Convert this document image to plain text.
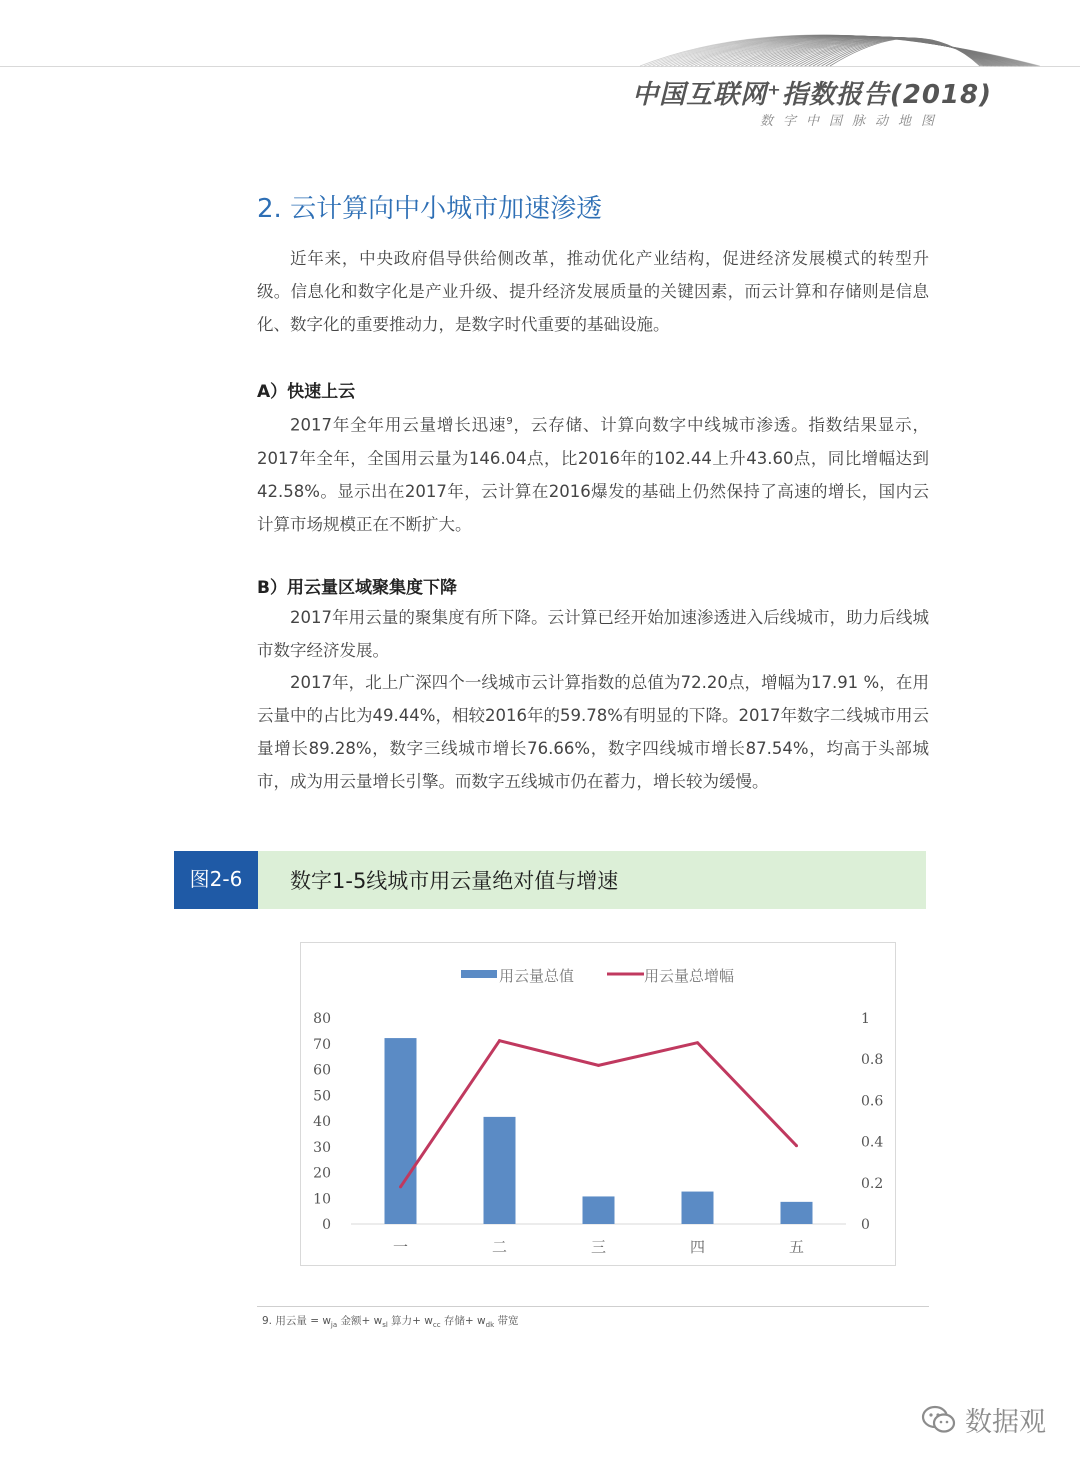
中国互联网⁺指数报告(2018)
数字中国脉动地图
2. 云计算向中小城市加速渗透
近年来，中央政府倡导供给侧改革，推动优化产业结构，促进经济发展模式的转型升级。信息化和数字化是产业升级、提升经济发展质量的关键因素，而云计算和存储则是信息化、数字化的重要推动力，是数字时代重要的基础设施。
A）快速上云
2017年全年用云量增长迅速$^9$，云存储、计算向数字中线城市渗透。指数结果显示，2017年全年，全国用云量为146.04点，比2016年的102.44上升43.60点，同比增幅达到42.58%。显示出在2017年，云计算在2016爆发的基础上仍然保持了高速的增长，国内云计算市场规模正在不断扩大。
B）用云量区域聚集度下降
2017年用云量的聚集度有所下降。云计算已经开始加速渗透进入后线城市，助力后线城市数字经济发展。
2017年，北上广深四个一线城市云计算指数的总值为72.20点，增幅为17.91 %，在用云量中的占比为49.44%，相较2016年的59.78%有明显的下降。2017年数字二线城市用云量增长89.28%，数字三线城市增长76.66%，数字四线城市增长87.54%，均高于头部城市，成为用云量增长引擎。而数字五线城市仍在蓄力，增长较为缓慢。
图2-6	数字1-5线城市用云量绝对值与增速
用云量总值	用云量总增幅
0
10
20
30
40
50
60
70
80
0
0.2
0.4
0.6
0.8
1
一	二	三	四	五
9. 用云量 = $w_{ja}$ 金额+ $w_{sl}$ 算力+ $w_{cc}$ 存储+ $w_{dk}$ 带宽
数据观
